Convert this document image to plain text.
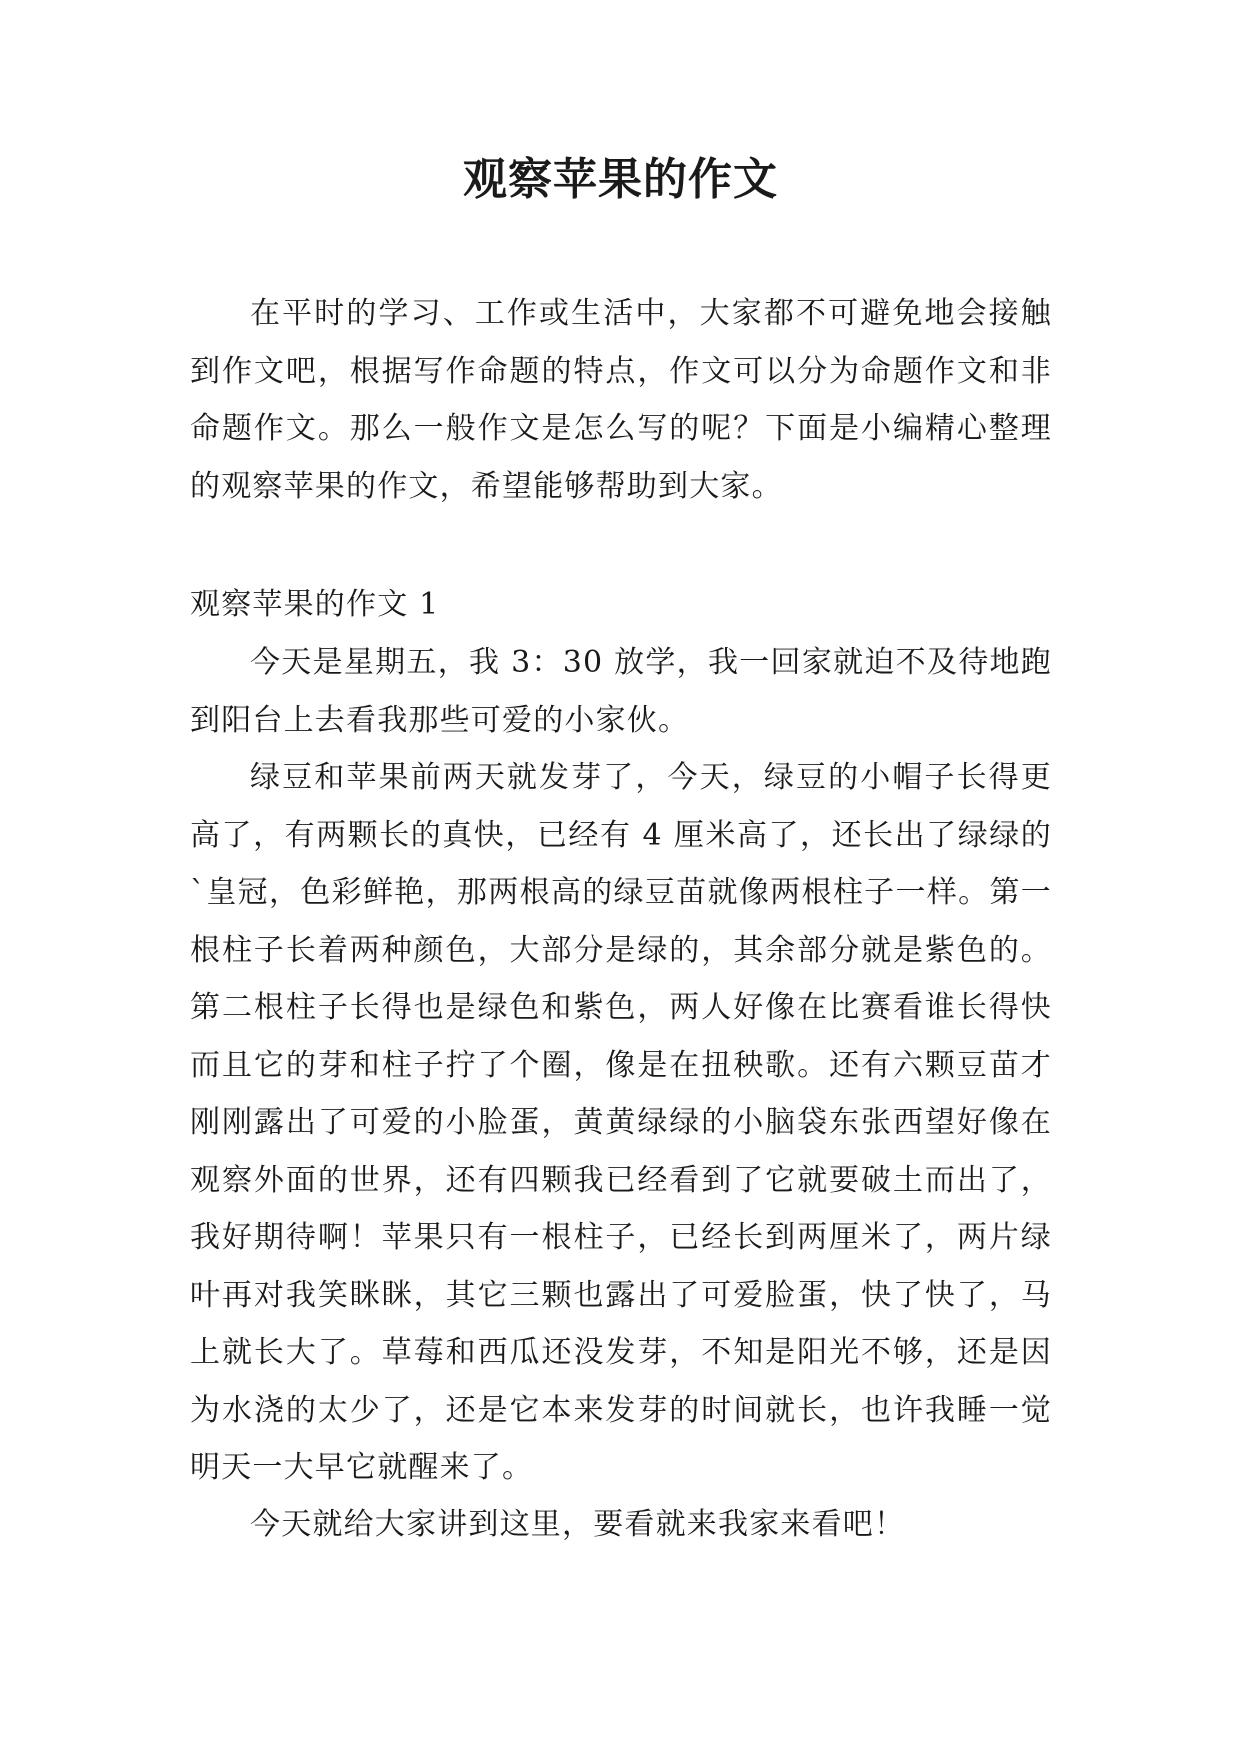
观察苹果的作文

在平时的学习、工作或生活中，大家都不可避免地会接触到作文吧，根据写作命题的特点，作文可以分为命题作文和非命题作文。那么一般作文是怎么写的呢？下面是小编精心整理的观察苹果的作文，希望能够帮助到大家。

观察苹果的作文 1

今天是星期五，我 3：30 放学，我一回家就迫不及待地跑到阳台上去看我那些可爱的小家伙。

绿豆和苹果前两天就发芽了，今天，绿豆的小帽子长得更高了，有两颗长的真快，已经有 4 厘米高了，还长出了绿绿的`皇冠，色彩鲜艳，那两根高的绿豆苗就像两根柱子一样。第一根柱子长着两种颜色，大部分是绿的，其余部分就是紫色的。第二根柱子长得也是绿色和紫色，两人好像在比赛看谁长得快而且它的芽和柱子拧了个圈，像是在扭秧歌。还有六颗豆苗才刚刚露出了可爱的小脸蛋，黄黄绿绿的小脑袋东张西望好像在观察外面的世界，还有四颗我已经看到了它就要破土而出了，我好期待啊！苹果只有一根柱子，已经长到两厘米了，两片绿叶再对我笑眯眯，其它三颗也露出了可爱脸蛋，快了快了，马上就长大了。草莓和西瓜还没发芽，不知是阳光不够，还是因为水浇的太少了，还是它本来发芽的时间就长，也许我睡一觉明天一大早它就醒来了。

今天就给大家讲到这里，要看就来我家来看吧！
